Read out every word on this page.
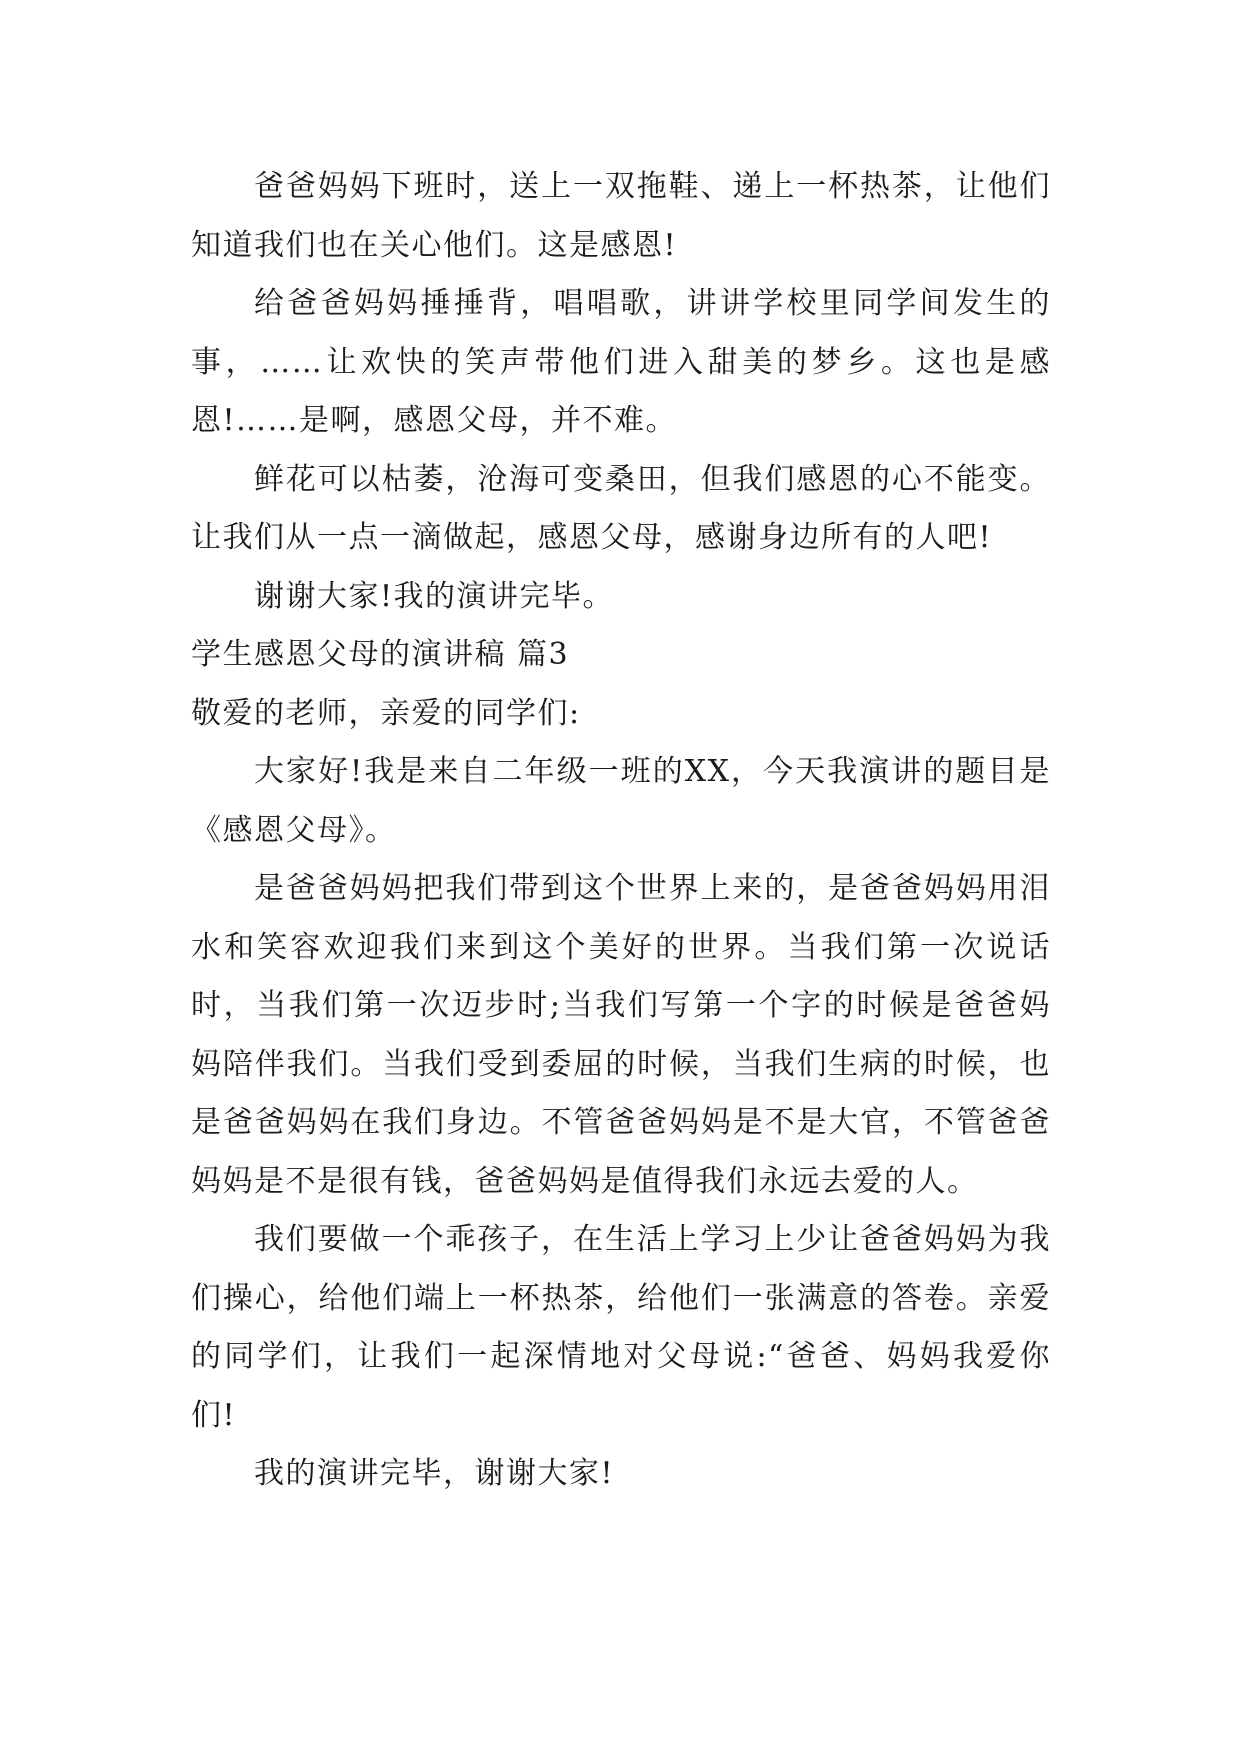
爸爸妈妈下班时，送上一双拖鞋、递上一杯热茶，让他们知道我们也在关心他们。这是感恩!

给爸爸妈妈捶捶背，唱唱歌，讲讲学校里同学间发生的事，……让欢快的笑声带他们进入甜美的梦乡。这也是感恩!……是啊，感恩父母，并不难。

鲜花可以枯萎，沧海可变桑田，但我们感恩的心不能变。让我们从一点一滴做起，感恩父母，感谢身边所有的人吧!

谢谢大家!我的演讲完毕。

学生感恩父母的演讲稿 篇3

敬爱的老师，亲爱的同学们:

大家好!我是来自二年级一班的XX，今天我演讲的题目是《感恩父母》。

是爸爸妈妈把我们带到这个世界上来的，是爸爸妈妈用泪水和笑容欢迎我们来到这个美好的世界。当我们第一次说话时，当我们第一次迈步时;当我们写第一个字的时候是爸爸妈妈陪伴我们。当我们受到委屈的时候，当我们生病的时候，也是爸爸妈妈在我们身边。不管爸爸妈妈是不是大官，不管爸爸妈妈是不是很有钱，爸爸妈妈是值得我们永远去爱的人。

我们要做一个乖孩子，在生活上学习上少让爸爸妈妈为我们操心，给他们端上一杯热茶，给他们一张满意的答卷。亲爱的同学们，让我们一起深情地对父母说:“爸爸、妈妈我爱你们!

我的演讲完毕，谢谢大家!
